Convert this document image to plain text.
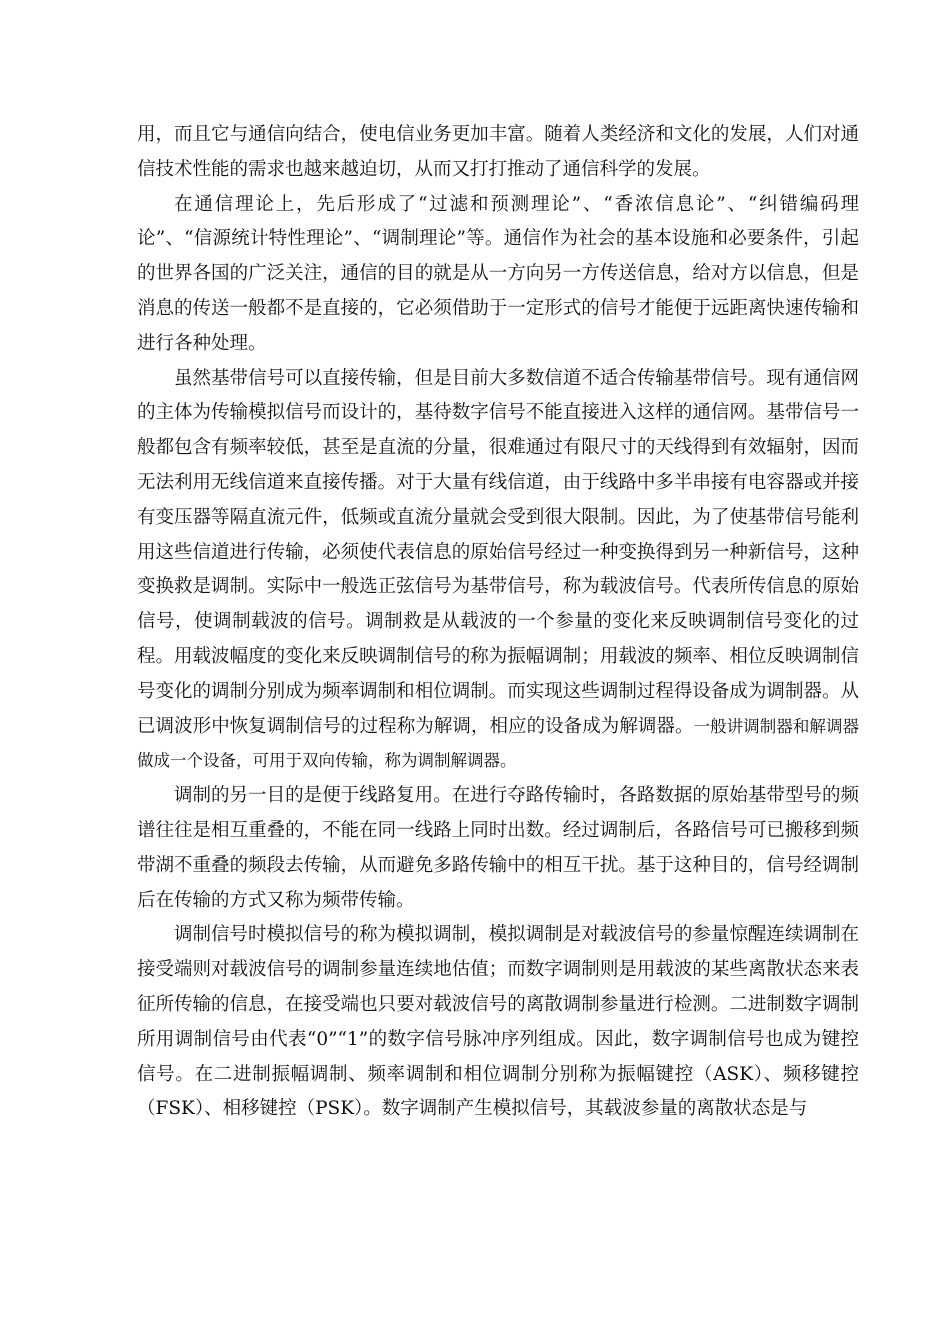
用，而且它与通信向结合，使电信业务更加丰富。随着人类经济和文化的发展，人们对通信技术性能的需求也越来越迫切，从而又打打推动了通信科学的发展。

在通信理论上，先后形成了“过滤和预测理论”、“香浓信息论”、“纠错编码理论”、“信源统计特性理论”、“调制理论”等。通信作为社会的基本设施和必要条件，引起的世界各国的广泛关注，通信的目的就是从一方向另一方传送信息，给对方以信息，但是消息的传送一般都不是直接的，它必须借助于一定形式的信号才能便于远距离快速传输和进行各种处理。

虽然基带信号可以直接传输，但是目前大多数信道不适合传输基带信号。现有通信网的主体为传输模拟信号而设计的，基待数字信号不能直接进入这样的通信网。基带信号一般都包含有频率较低，甚至是直流的分量，很难通过有限尺寸的天线得到有效辐射，因而无法利用无线信道来直接传播。对于大量有线信道，由于线路中多半串接有电容器或并接有变压器等隔直流元件，低频或直流分量就会受到很大限制。因此，为了使基带信号能利用这些信道进行传输，必须使代表信息的原始信号经过一种变换得到另一种新信号，这种变换救是调制。实际中一般选正弦信号为基带信号，称为载波信号。代表所传信息的原始信号，使调制载波的信号。调制救是从载波的一个参量的变化来反映调制信号变化的过程。用载波幅度的变化来反映调制信号的称为振幅调制；用载波的频率、相位反映调制信号变化的调制分别成为频率调制和相位调制。而实现这些调制过程得设备成为调制器。从已调波形中恢复调制信号的过程称为解调，相应的设备成为解调器。一般讲调制器和解调器做成一个设备，可用于双向传输，称为调制解调器。

调制的另一目的是便于线路复用。在进行夺路传输时，各路数据的原始基带型号的频谱往往是相互重叠的，不能在同一线路上同时出数。经过调制后，各路信号可已搬移到频带湖不重叠的频段去传输，从而避免多路传输中的相互干扰。基于这种目的，信号经调制后在传输的方式又称为频带传输。

调制信号时模拟信号的称为模拟调制，模拟调制是对载波信号的参量惊醒连续调制在接受端则对载波信号的调制参量连续地估值；而数字调制则是用载波的某些离散状态来表征所传输的信息，在接受端也只要对载波信号的离散调制参量进行检测。二进制数字调制所用调制信号由代表“0”“1”的数字信号脉冲序列组成。因此，数字调制信号也成为键控信号。在二进制振幅调制、频率调制和相位调制分别称为振幅键控（ASK）、频移键控（FSK）、相移键控（PSK）。数字调制产生模拟信号，其载波参量的离散状态是与
